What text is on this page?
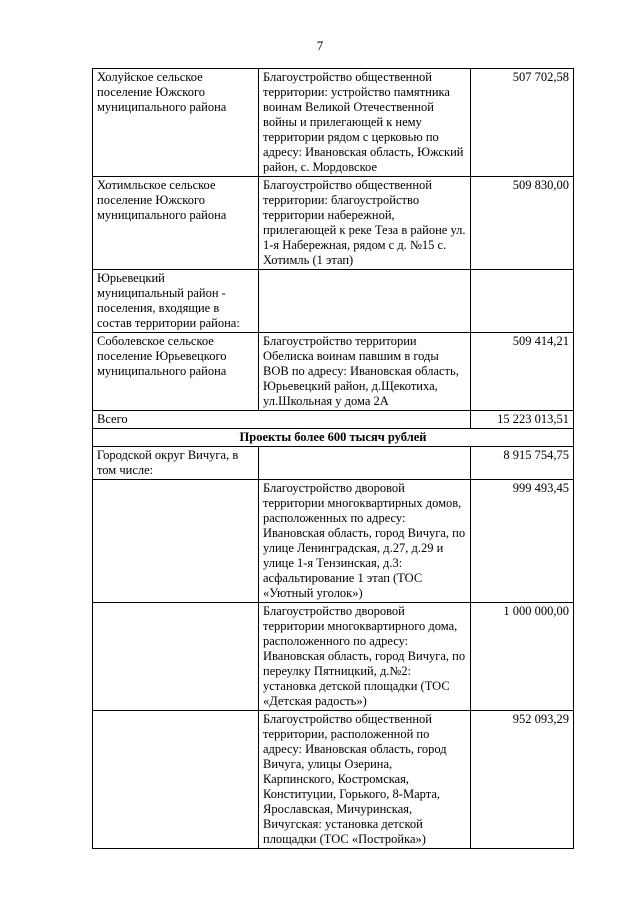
7
Холуйское сельское поселение Южского муниципального района	Благоустройство общественной территории: устройство памятника воинам Великой Отечественной войны и прилегающей к нему территории рядом с церковью по адресу: Ивановская область, Южский район, с. Мордовское	507 702,58

Хотимльское сельское поселение Южского муниципального района	Благоустройство общественной территории: благоустройство территории набережной, прилегающей к реке Теза в районе ул. 1-я Набережная, рядом с д. №15 с. Хотимль (1 этап)	509 830,00

Юрьевецкий муниципальный район - поселения, входящие в состав территории района:		

Соболевское сельское поселение Юрьевецкого муниципального района	Благоустройство территории Обелиска воинам павшим в годы ВОВ по адресу: Ивановская область, Юрьевецкий район, д.Щекотиха, ул.Школьная у дома 2А	509 414,21

Всего		15 223 013,51
Проекты более 600 тысяч рублей		
Городской округ Вичуга, в том числе:		8 915 754,75

	Благоустройство дворовой территории многоквартирных домов, расположенных по адресу: Ивановская область, город Вичуга, по улице Ленинградская, д.27, д.29 и улице 1-я Тензинская, д.3: асфальтирование 1 этап (ТОС «Уютный уголок»)	999 493,45

	Благоустройство дворовой территории многоквартирного дома, расположенного по адресу: Ивановская область, город Вичуга, по переулку Пятницкий, д.№2: установка детской площадки (ТОС «Детская радость»)	1 000 000,00

	Благоустройство общественной территории, расположенной по адресу: Ивановская область, город Вичуга, улицы Озерина, Карпинского, Костромская, Конституции, Горького, 8-Марта, Ярославская, Мичуринская, Вичугская: установка детской площадки (ТОС «Постройка»)	952 093,29
